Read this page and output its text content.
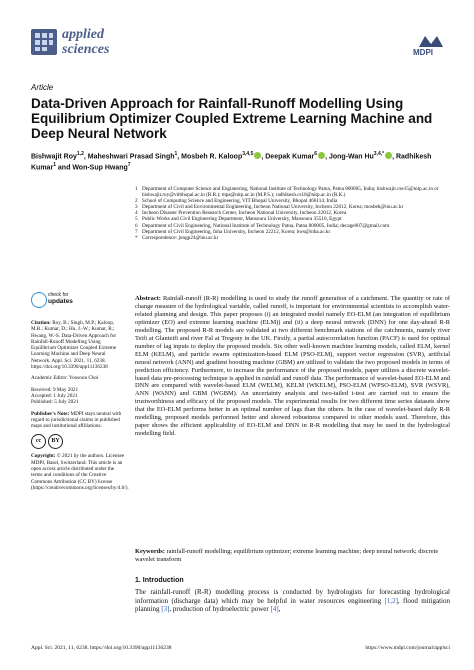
applied
sciences	MDPI
Article
Data-Driven Approach for Rainfall-Runoff Modelling Using Equilibrium Optimizer Coupled Extreme Learning Machine and Deep Neural Network
Bishwajit Roy$^{1,2}$, Maheshwari Prasad Singh$^1$, Mosbeh R. Kaloop$^{3,4,5}$ , Deepak Kumar$^6$ , Jong-Wan $Hu^{3,4,*}$ , Radhikesh Kumar$^1$ and Won-Sup Hwang$^7$
1 Department of Computer Science and Engineering, National Institute of Technology Patna, Patna 800005, India; bishwajit.cse15@nitp.ac.in or bishwajit.roy@vitbhopal.ac.in (B.R.); mps@nitp.ac.in (M.P.S.); radhikesh.cs18@nitp.ac.in (R.K.)
2 School of Computing Science and Engineering, VIT Bhopal University, Bhopal 466114, India
3 Department of Civil and Environmental Engineering, Incheon National University, Incheon 22012, Korea; mosbeh@inu.ac.kr
4 Incheon Disaster Prevention Research Center, Incheon National University, Incheon 22012, Korea
5 Public Works and Civil Engineering Department, Mansoura University, Mansoura 35516, Egypt
6 Department of Civil Engineering, National Institute of Technology Patna, Patna 800005, India; decage007@gmail.com
7 Department of Civil Engineering, Inha University, Incheon 22212, Korea; hws@inha.ac.kr
* Correspondence: jongp24@inu.ac.kr
check for
updates

Citation: Roy, B.; Singh, M.P.; Kaloop, M.R.; Kumar, D.; Hu, J.-W.; Kumar, R.; Hwang, W.-S. Data-Driven Approach for Rainfall-Runoff Modelling Using Equilibrium Optimizer Coupled Extreme Learning Machine and Deep Neural Network. Appl. Sci. 2021, 11, 6238. https://doi.org/10.3390/app11136238

Academic Editor: Yoosoon Choi

Received: 9 May 2021
Accepted: 1 July 2021
Published: 5 July 2021

Publisher's Note: MDPI stays neutral with regard to jurisdictional claims in published maps and institutional affiliations.

cc	BY

Copyright: © 2021 by the authors. Licensee MDPI, Basel, Switzerland. This article is an open access article distributed under the terms and conditions of the Creative Commons Attribution (CC BY) license (https://creativecommons.org/licenses/by/4.0/).

Abstract: Rainfall-runoff (R-R) modelling is used to study the runoff generation of a catchment. The quantity or rate of change measure of the hydrological variable, called runoff, is important for environmental scientists to accomplish water-related planning and design. This paper proposes (i) an integrated model namely EO-ELM (an integration of equilibrium optimizer (EO) and extreme learning machine (ELM)) and (ii) a deep neural network (DNN) for one day-ahead R-R modelling. The proposed R-R models are validated at two different benchmark stations of the catchments, namely river Teifi at Glanteifi and river Fal at Tregony in the UK. Firstly, a partial autocorrelation function (PACF) is used for optimal number of lag inputs to deploy the proposed models. Six other well-known machine learning models, called ELM, kernel ELM (KELM), and particle swarm optimization-based ELM (PSO-ELM), support vector regression (SVR), artificial neural network (ANN) and gradient boosting machine (GBM) are utilized to validate the two proposed models in terms of prediction efficiency. Furthermore, to increase the performance of the proposed models, paper utilizes a discrete wavelet-based data pre-processing technique is applied in rainfall and runoff data. The performance of wavelet-based EO-ELM and DNN are compared with wavelet-based ELM (WELM), KELM (WKELM), PSO-ELM (WPSO-ELM), SVR (WSVR), ANN (WANN) and GBM (WGBM). An uncertainty analysis and two-tailed t-test are carried out to ensure the trustworthiness and efficacy of the proposed models. The experimental results for two different time series datasets show that the EO-ELM performs better in an optimal number of lags than the others. In the case of wavelet-based daily R-R modelling, proposed models performed better and showed robustness compared to other models used. Therefore, this paper shows the efficient applicability of EO-ELM and DNN in R-R modelling that may be used in the hydrological modelling field.
Keywords: rainfall-runoff modelling; equilibrium optimizer; extreme learning machine; deep neural network; discrete wavelet transform
1. Introduction
The rainfall-runoff (R-R) modelling process is conducted by hydrologists for forecasting hydrological information (discharge data) which may be helpful in water resources engineering [1,2], flood mitigation planning [3], production of hydroelectric power [4],
Appl. Sci. 2021, 11, 6238. https://doi.org/10.3390/app11136238	https://www.mdpi.com/journal/applsci
